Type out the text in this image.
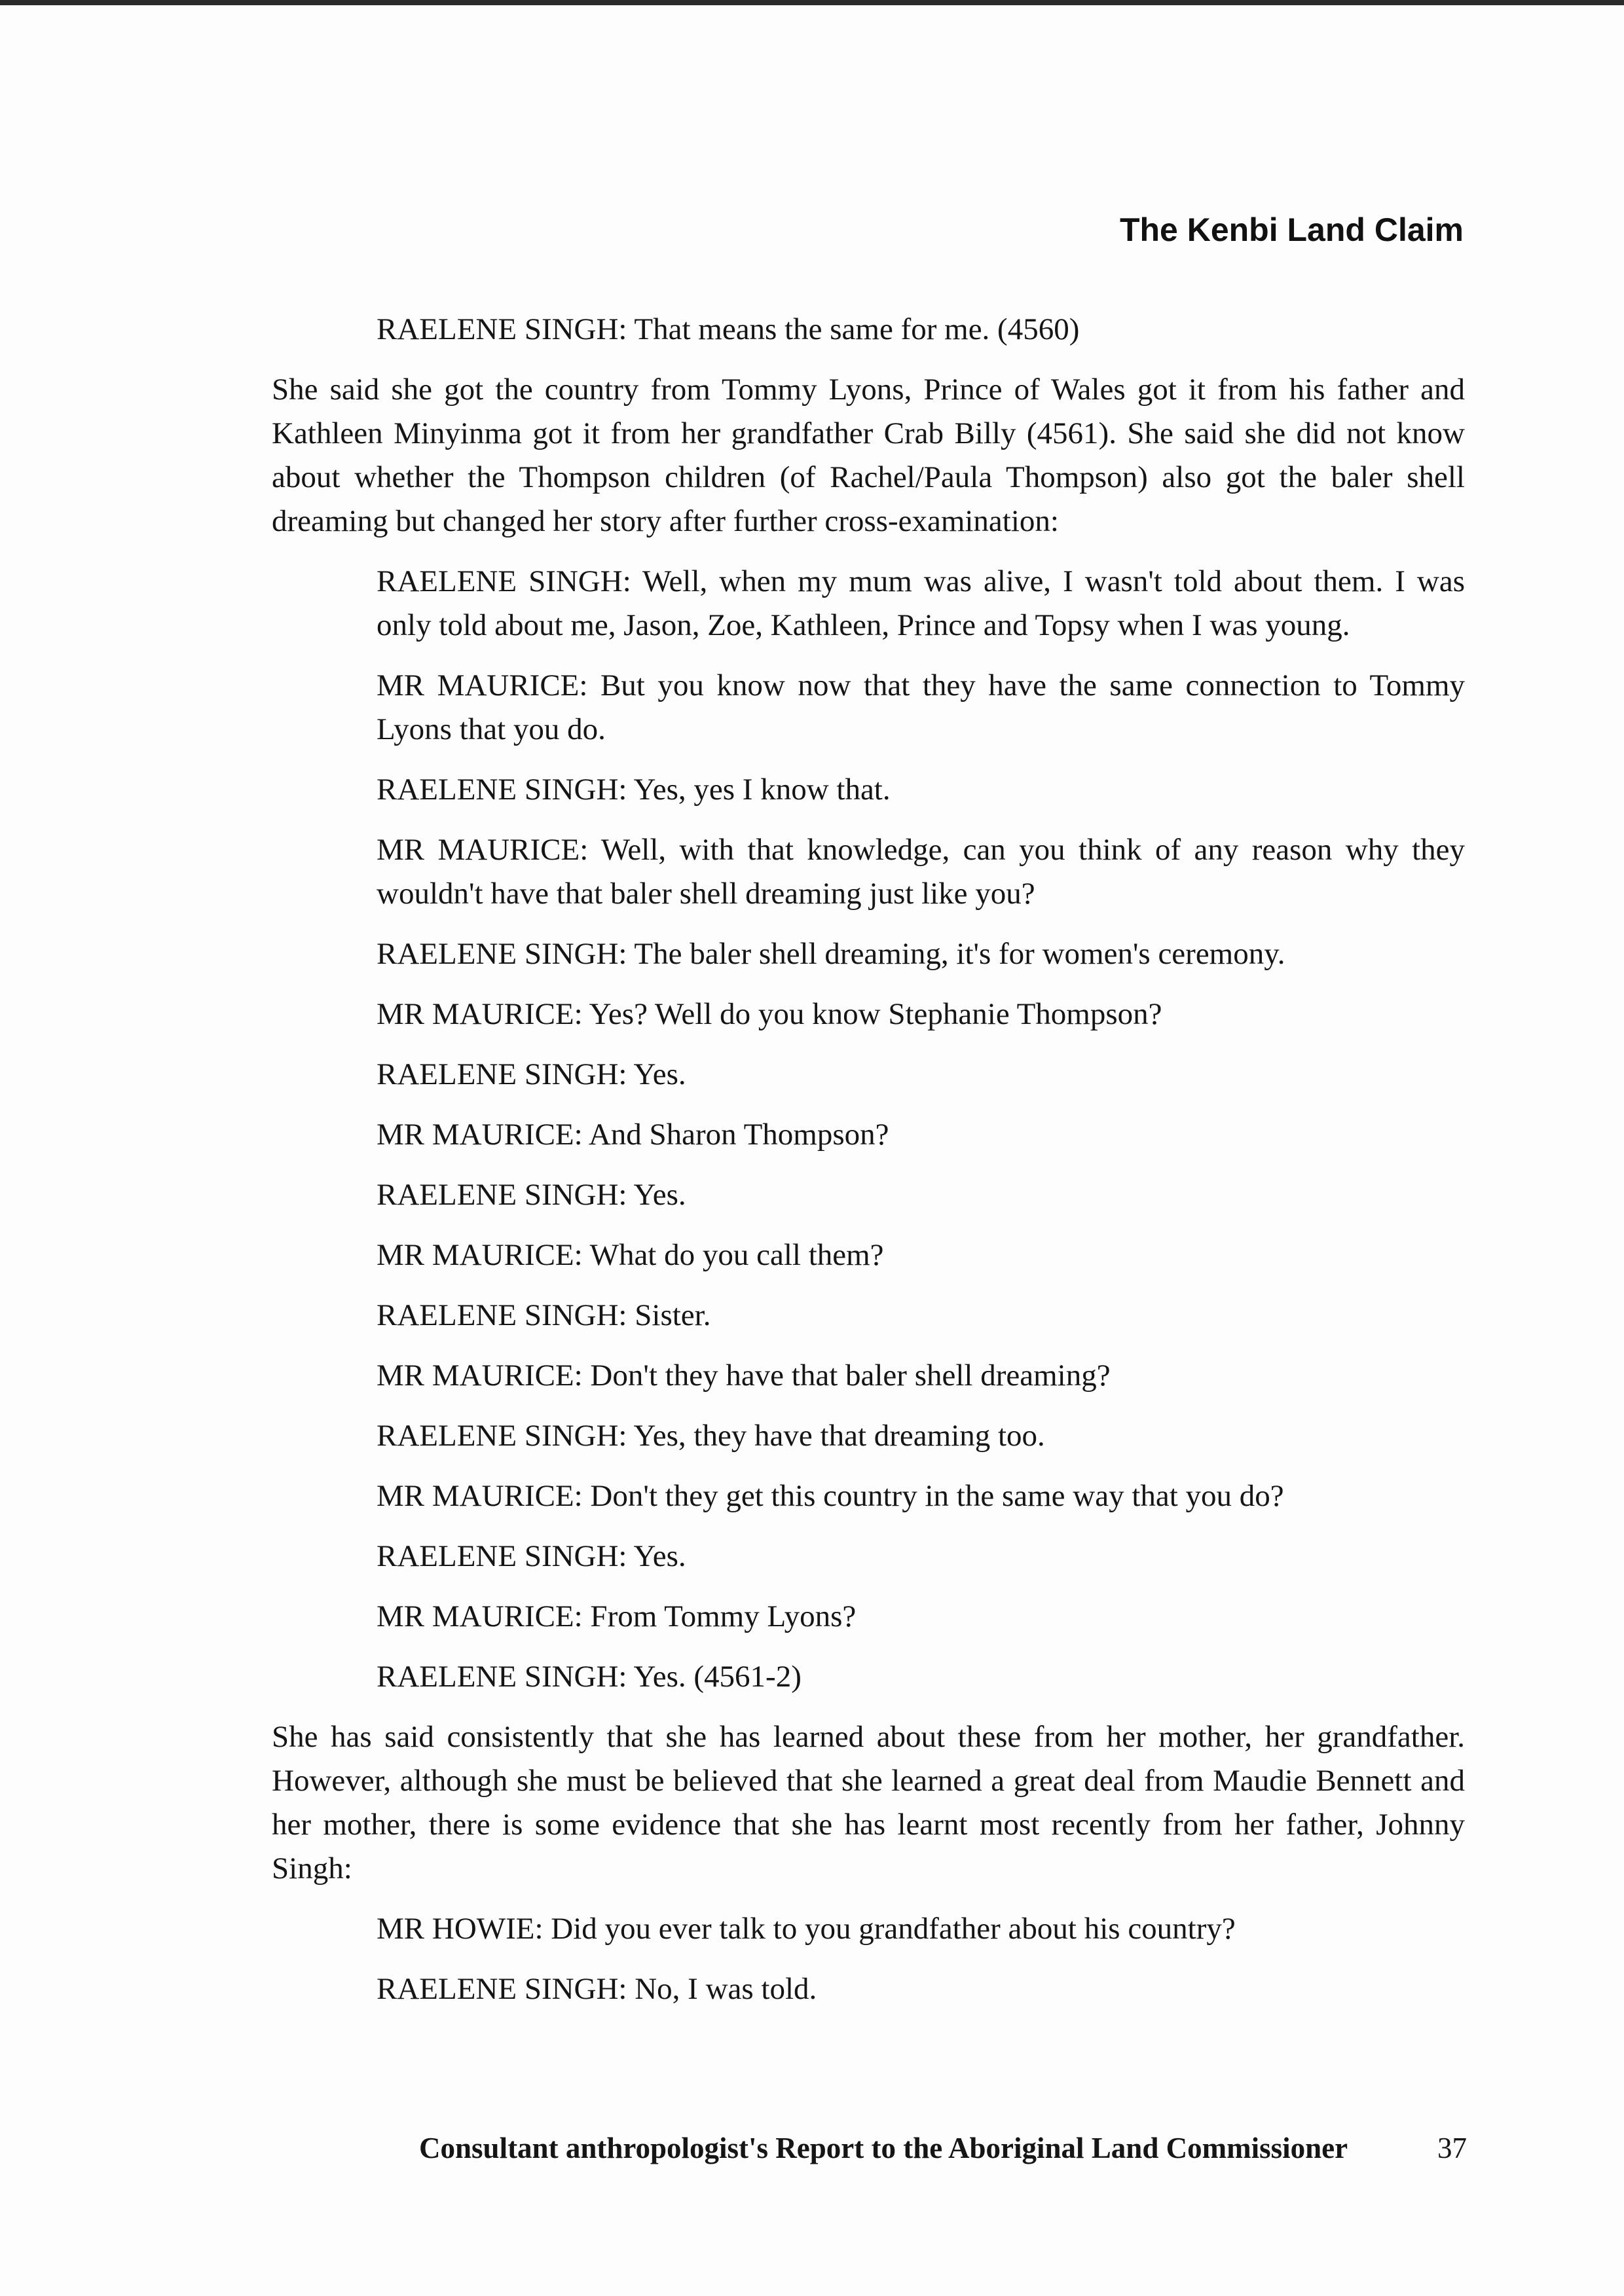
The Kenbi Land Claim

RAELENE SINGH: That means the same for me. (4560)

She said she got the country from Tommy Lyons, Prince of Wales got it from his father and Kathleen Minyinma got it from her grandfather Crab Billy (4561). She said she did not know about whether the Thompson children (of Rachel/Paula Thompson) also got the baler shell dreaming but changed her story after further cross-examination:

RAELENE SINGH: Well, when my mum was alive, I wasn't told about them. I was only told about me, Jason, Zoe, Kathleen, Prince and Topsy when I was young.

MR MAURICE: But you know now that they have the same connection to Tommy Lyons that you do.

RAELENE SINGH: Yes, yes I know that.

MR MAURICE: Well, with that knowledge, can you think of any reason why they wouldn't have that baler shell dreaming just like you?

RAELENE SINGH: The baler shell dreaming, it's for women's ceremony.

MR MAURICE: Yes? Well do you know Stephanie Thompson?

RAELENE SINGH: Yes.

MR MAURICE: And Sharon Thompson?

RAELENE SINGH: Yes.

MR MAURICE: What do you call them?

RAELENE SINGH: Sister.

MR MAURICE: Don't they have that baler shell dreaming?

RAELENE SINGH: Yes, they have that dreaming too.

MR MAURICE: Don't they get this country in the same way that you do?

RAELENE SINGH: Yes.

MR MAURICE: From Tommy Lyons?

RAELENE SINGH: Yes. (4561-2)

She has said consistently that she has learned about these from her mother, her grandfather. However, although she must be believed that she learned a great deal from Maudie Bennett and her mother, there is some evidence that she has learnt most recently from her father, Johnny Singh:

MR HOWIE: Did you ever talk to you grandfather about his country?

RAELENE SINGH: No, I was told.

Consultant anthropologist's Report to the Aboriginal Land Commissioner	37
